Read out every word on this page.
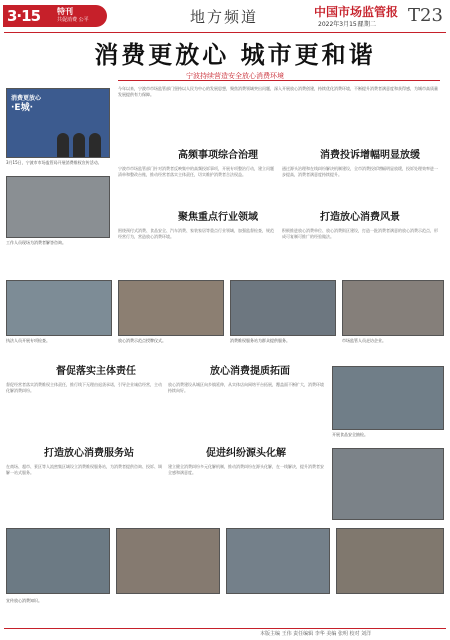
3·15 特刊
共促消费 公平	地方频道	中国市场监管报
2022年3月15日
星期二 T23
消费更放心
·E城·
3月15日，宁波市市场监管局开展消费维权宣传活动。
工作人员现场为消费者解答咨询。
消费更放心 城市更和谐
宁波持续营造安全放心消费环境
今年以来，宁波市市场监管部门坚持以人民为中心的发展思想，聚焦消费领域突出问题，深入开展放心消费创建，持续优化消费环境，不断提升消费者满意度和获得感，为城市高质量发展提供有力保障。
高频事项综合治理	消费投诉增幅明显放缓
宁波市市场监管部门针对消费者反映集中的高频投诉事项，开展专项整治行动，建立问题清单和整改台账，推动经营者落实主体责任，切实维护消费者合法权益。
通过源头治理和在线纠纷解决机制建设，全市消费投诉增幅明显放缓，投诉处理效率进一步提高，消费者满意度持续提升。
聚焦重点行业领域	打造放心消费风景
围绕预付式消费、食品安全、汽车消费、家装家居等重点行业领域，加强监督检查，规范经营行为，营造放心消费环境。
积极推进放心消费单位、放心消费街区建设，打造一批消费者满意的放心消费示范点，形成可复制可推广的经验做法。
执法人员开展专项检查。	放心消费示范点授牌仪式。	消费维权服务站为群众提供服务。	市场监管人员走访企业。
督促落实主体责任	放心消费提质拓面
督促经营者落实消费维权主体责任，推行线下无理由退货承诺，引导企业诚信经营，主动化解消费纠纷。
放心消费建设从城区向乡镇延伸，从实体店向网络平台拓展，覆盖面不断扩大，消费环境持续向好。
开展食品安全抽检。
打造放心消费服务站	促进纠纷源头化解
在商场、超市、景区等人流密集区域设立消费维权服务站，为消费者提供咨询、投诉、调解一站式服务。
建立健全消费纠纷多元化解机制，推动消费纠纷在源头化解，在一线解决，提升消费者安全感和满意度。
宣传放心消费知识。
本版主编 王伟 责任编辑 李华 美编 张明 校对 刘洋
